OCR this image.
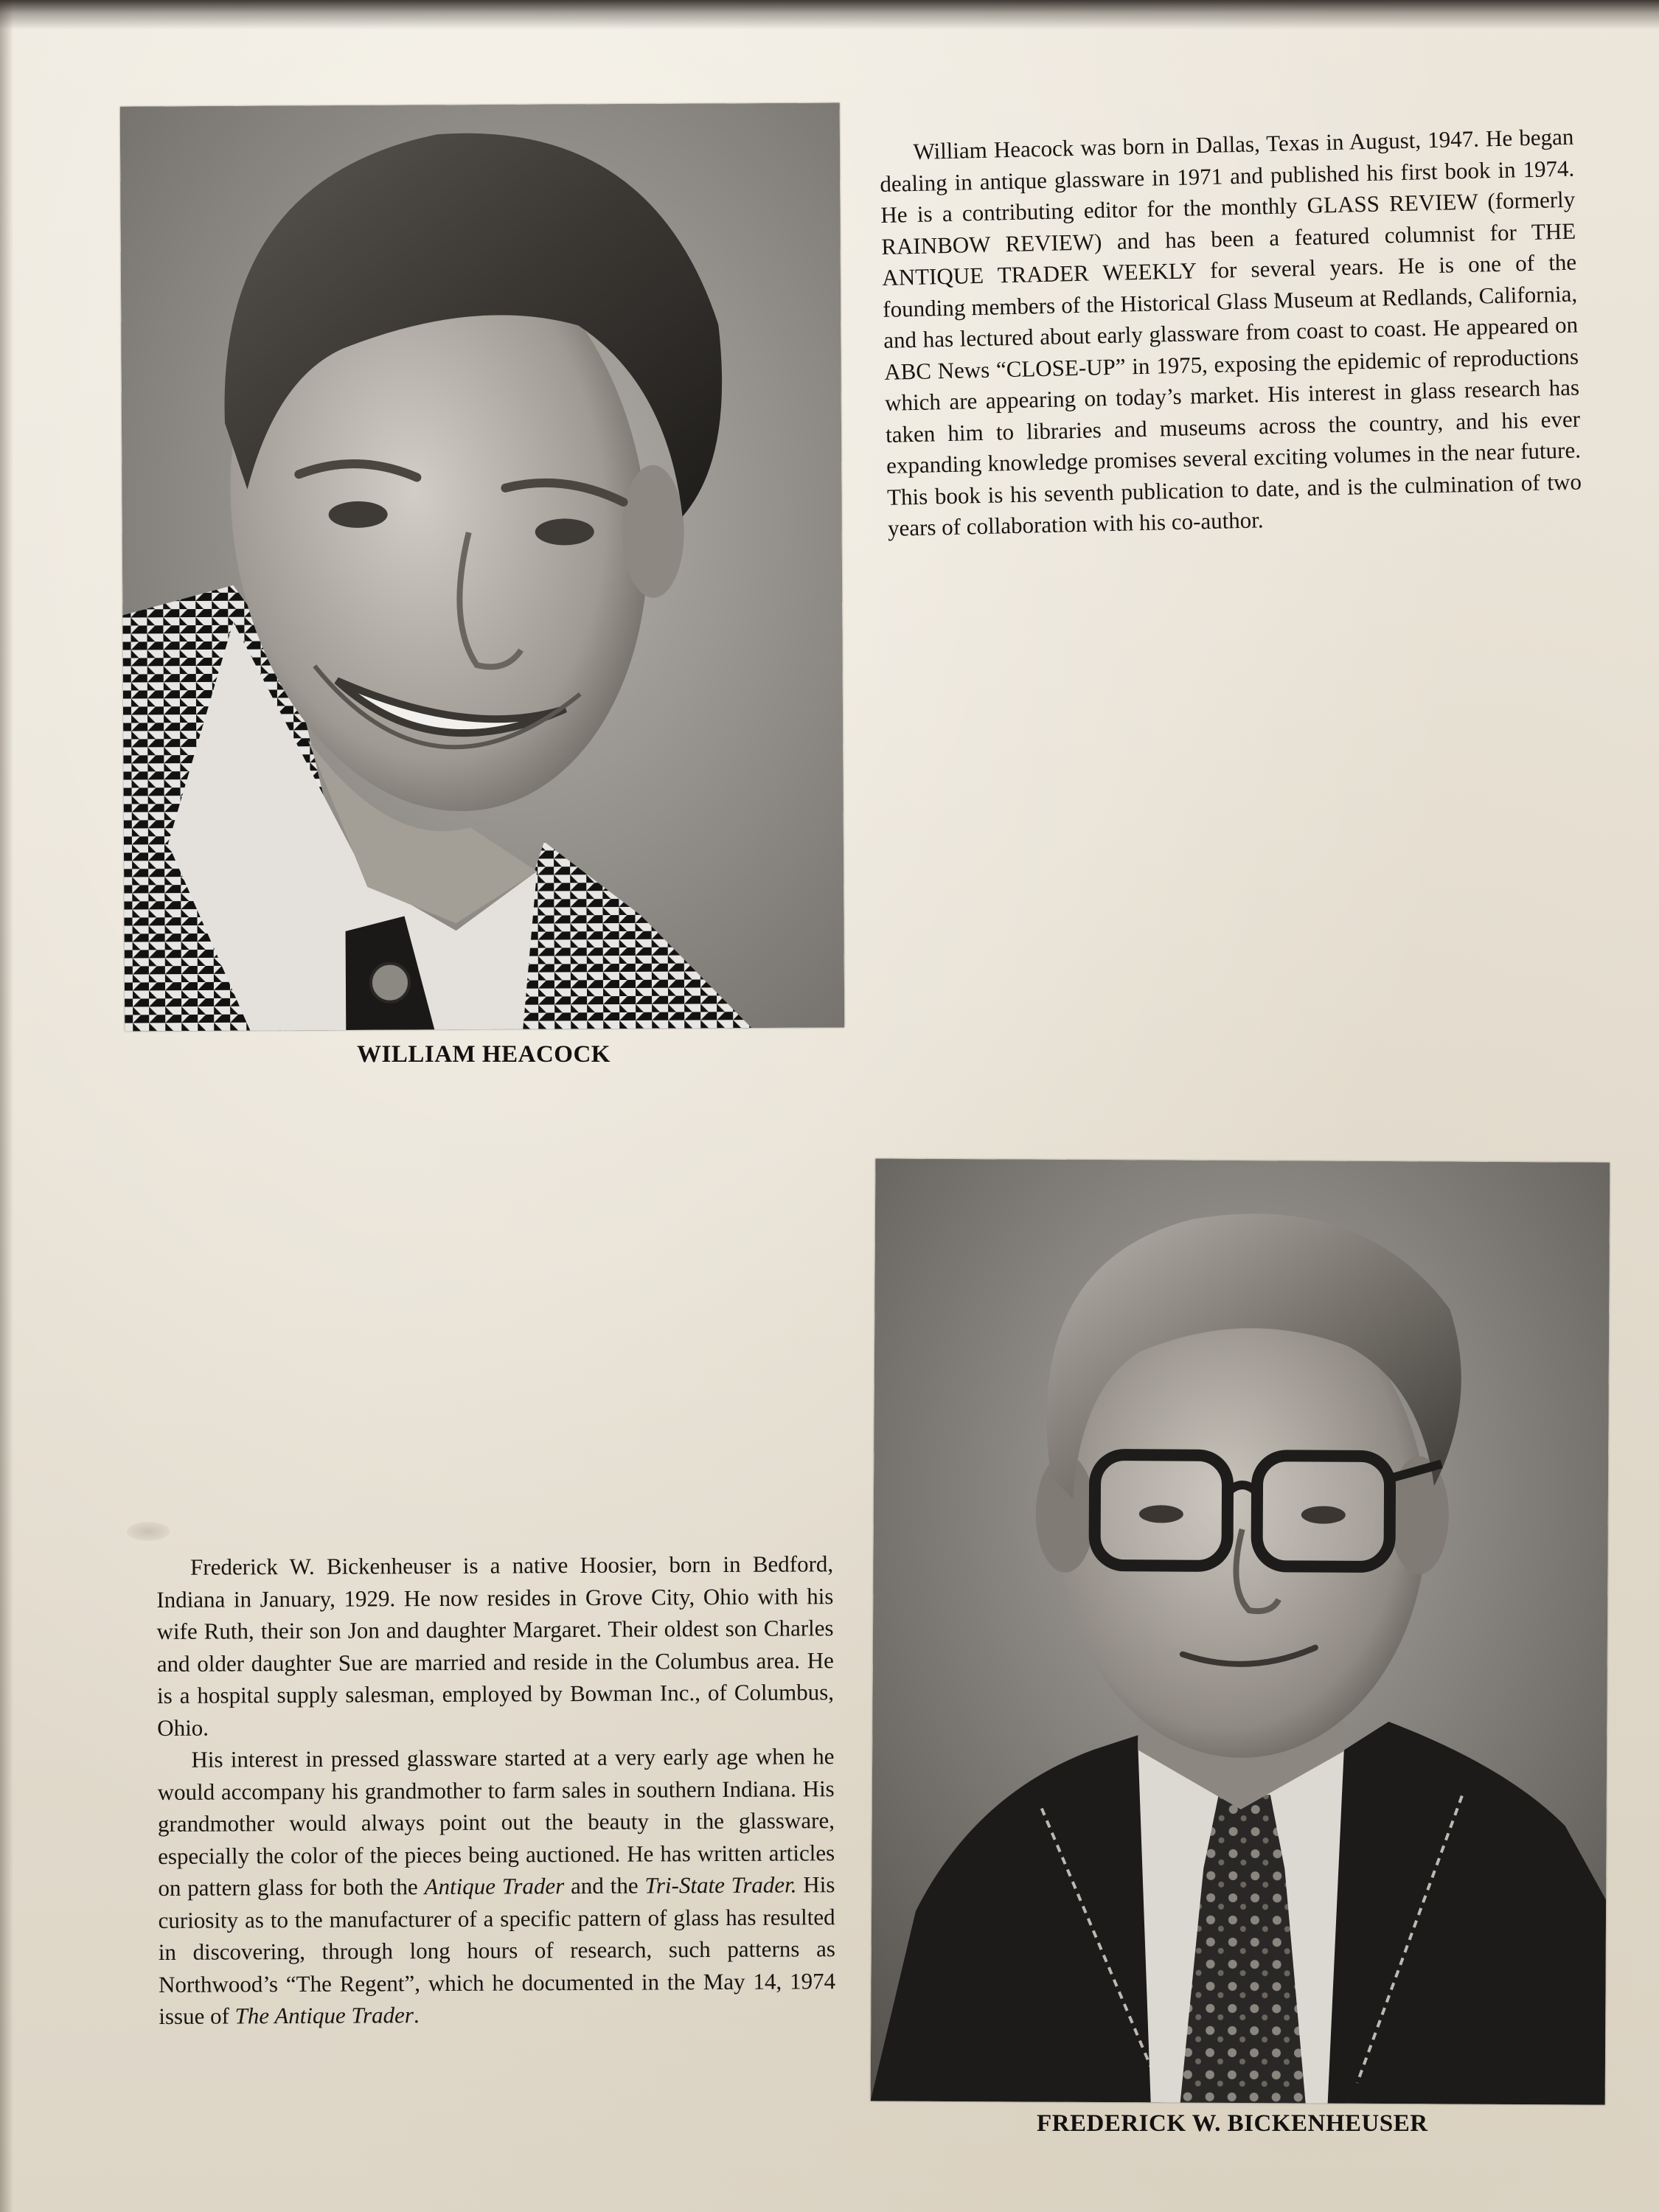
WILLIAM HEACOCK

William Heacock was born in Dallas, Texas in August, 1947. He began dealing in antique glassware in 1971 and published his first book in 1974. He is a contributing editor for the monthly GLASS REVIEW (formerly RAINBOW REVIEW) and has been a featured columnist for THE ANTIQUE TRADER WEEKLY for several years. He is one of the founding members of the Historical Glass Museum at Redlands, California, and has lectured about early glassware from coast to coast. He appeared on ABC News “CLOSE-UP” in 1975, exposing the epidemic of reproductions which are appearing on today’s market. His interest in glass research has taken him to libraries and museums across the country, and his ever expanding knowledge promises several exciting volumes in the near future. This book is his seventh publication to date, and is the culmination of two years of collaboration with his co-author.

FREDERICK W. BICKENHEUSER

Frederick W. Bickenheuser is a native Hoosier, born in Bedford, Indiana in January, 1929. He now resides in Grove City, Ohio with his wife Ruth, their son Jon and daughter Margaret. Their oldest son Charles and older daughter Sue are married and reside in the Columbus area. He is a hospital supply salesman, employed by Bowman Inc., of Columbus, Ohio.

His interest in pressed glassware started at a very early age when he would accompany his grandmother to farm sales in southern Indiana. His grandmother would always point out the beauty in the glassware, especially the color of the pieces being auctioned. He has written articles on pattern glass for both the Antique Trader and the Tri-State Trader. His curiosity as to the manufacturer of a specific pattern of glass has resulted in discovering, through long hours of research, such patterns as Northwood’s “The Regent”, which he documented in the May 14, 1974 issue of The Antique Trader.
